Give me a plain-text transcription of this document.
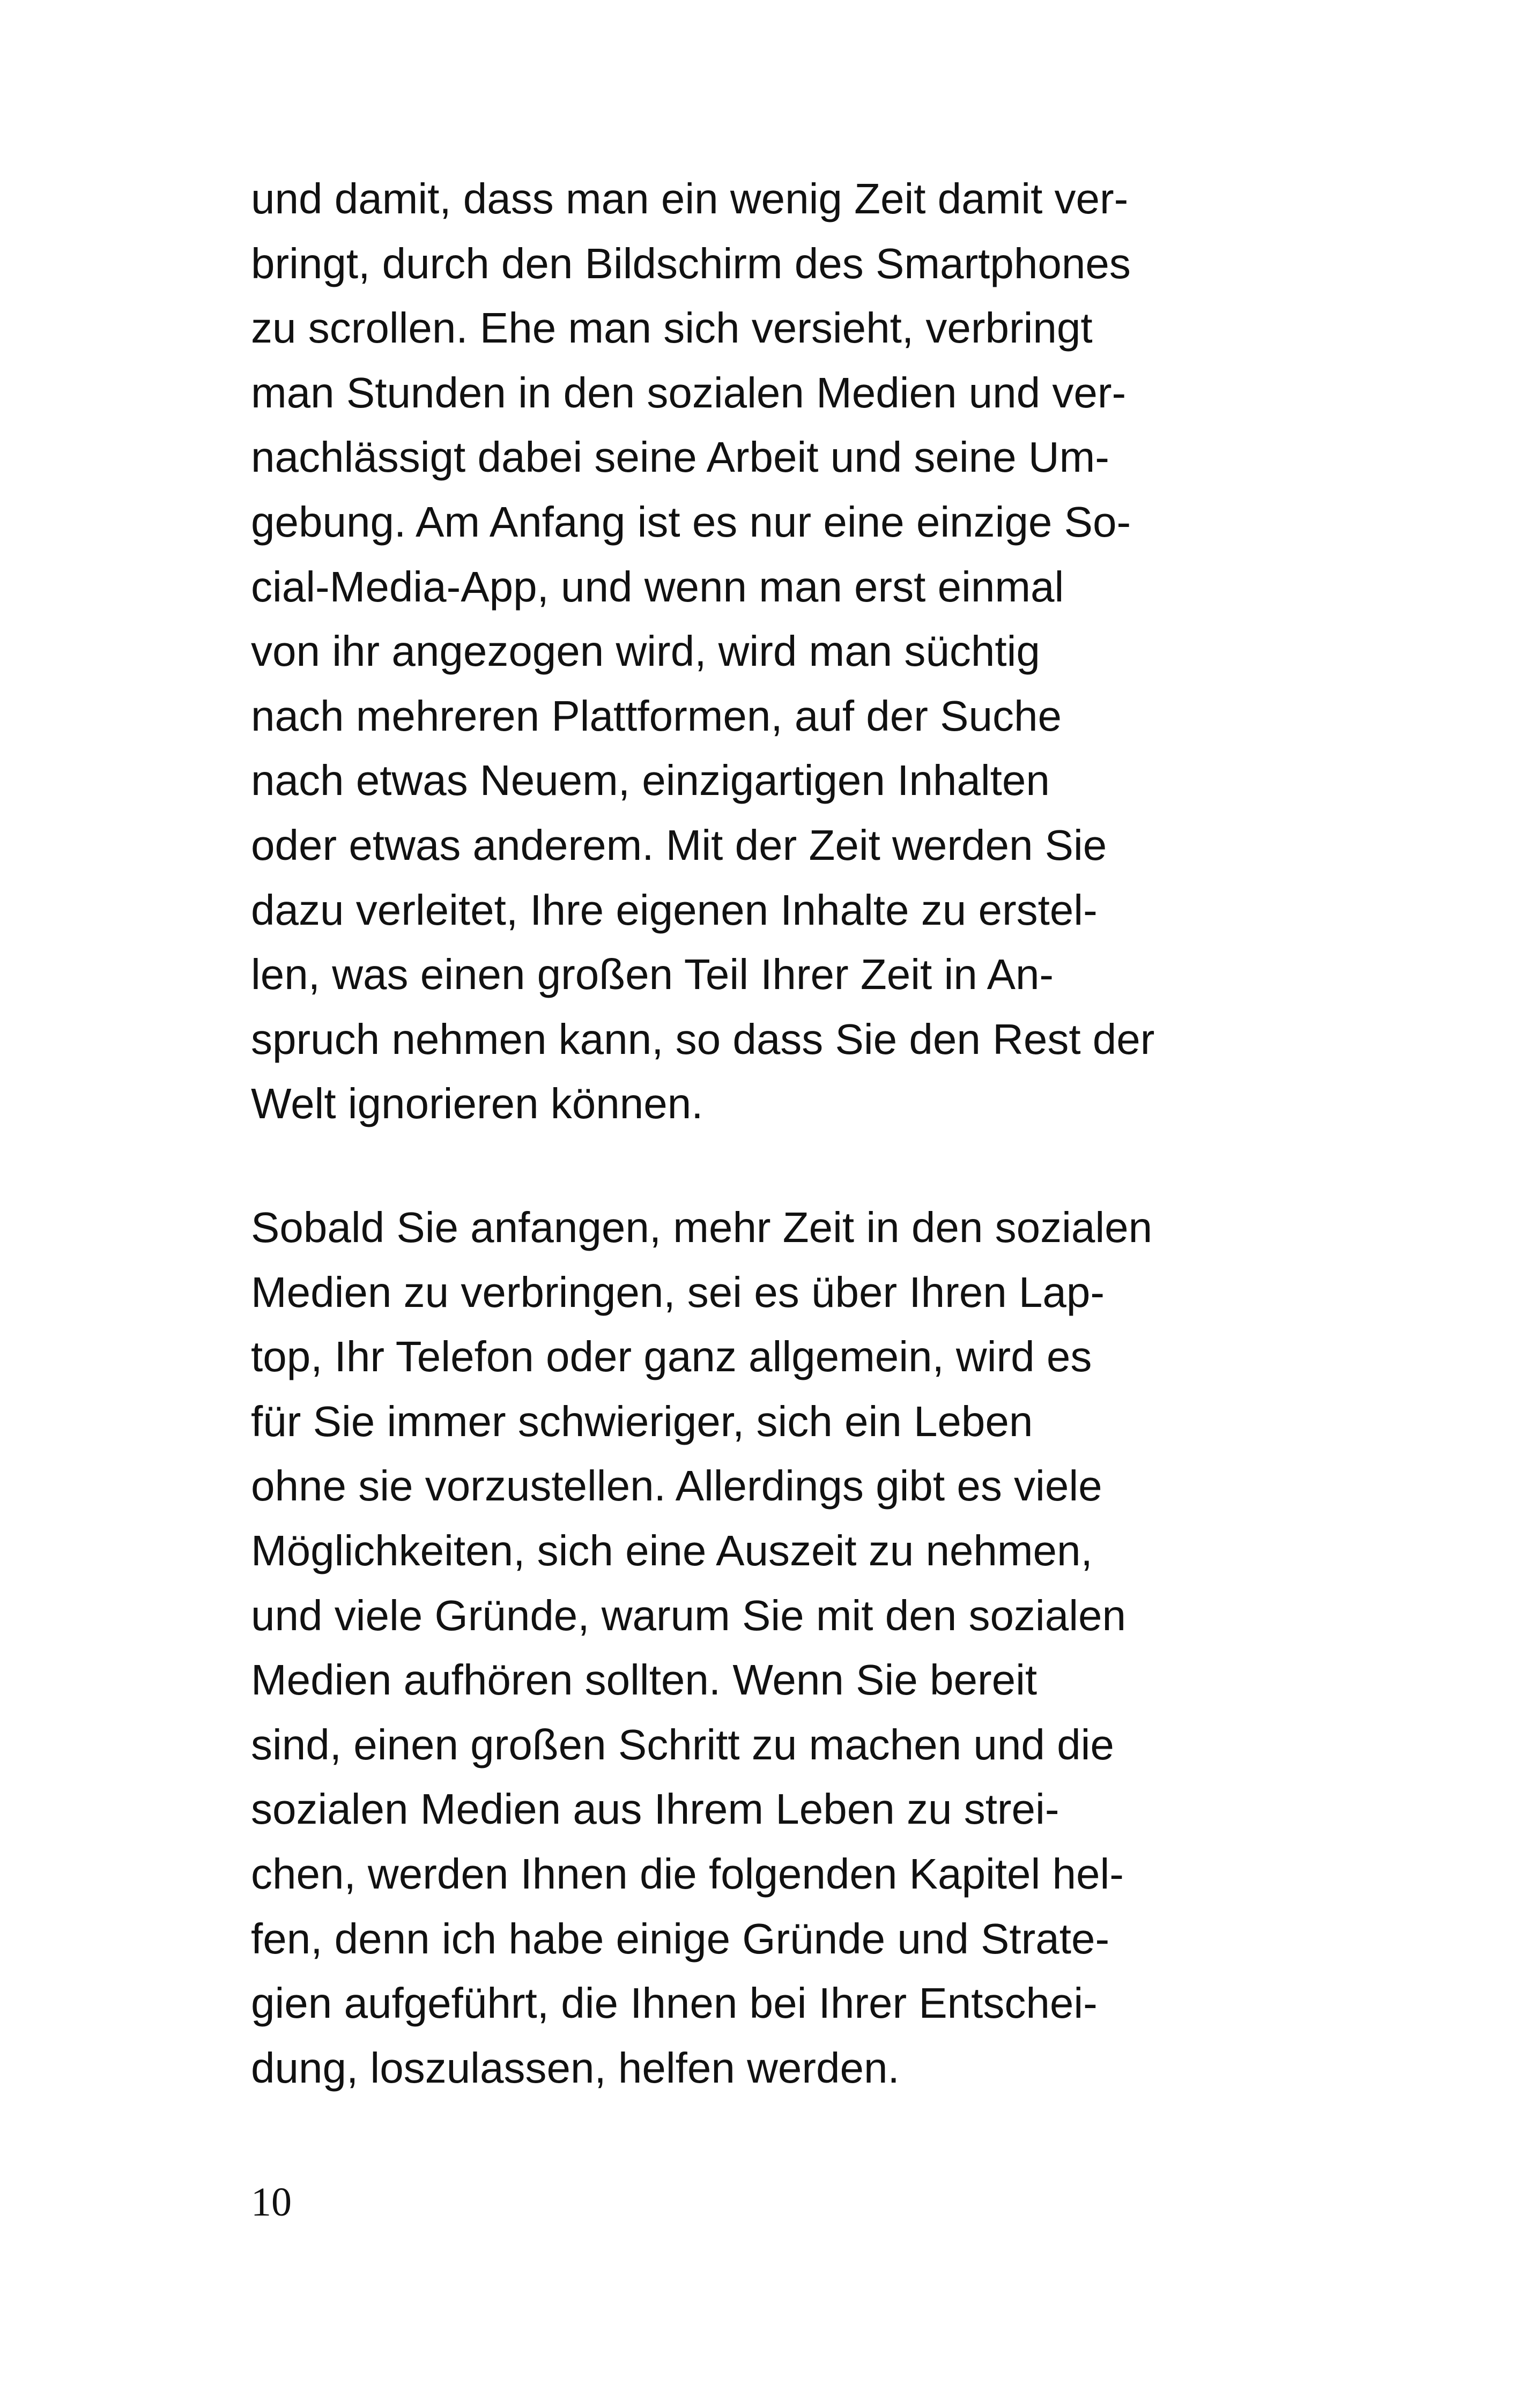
und damit, dass man ein wenig Zeit damit ver-
bringt, durch den Bildschirm des Smartphones
zu scrollen. Ehe man sich versieht, verbringt
man Stunden in den sozialen Medien und ver-
nachlässigt dabei seine Arbeit und seine Um-
gebung. Am Anfang ist es nur eine einzige So-
cial-Media-App, und wenn man erst einmal
von ihr angezogen wird, wird man süchtig
nach mehreren Plattformen, auf der Suche
nach etwas Neuem, einzigartigen Inhalten
oder etwas anderem. Mit der Zeit werden Sie
dazu verleitet, Ihre eigenen Inhalte zu erstel-
len, was einen großen Teil Ihrer Zeit in An-
spruch nehmen kann, so dass Sie den Rest der
Welt ignorieren können.
Sobald Sie anfangen, mehr Zeit in den sozialen
Medien zu verbringen, sei es über Ihren Lap-
top, Ihr Telefon oder ganz allgemein, wird es
für Sie immer schwieriger, sich ein Leben
ohne sie vorzustellen. Allerdings gibt es viele
Möglichkeiten, sich eine Auszeit zu nehmen,
und viele Gründe, warum Sie mit den sozialen
Medien aufhören sollten. Wenn Sie bereit
sind, einen großen Schritt zu machen und die
sozialen Medien aus Ihrem Leben zu strei-
chen, werden Ihnen die folgenden Kapitel hel-
fen, denn ich habe einige Gründe und Strate-
gien aufgeführt, die Ihnen bei Ihrer Entschei-
dung, loszulassen, helfen werden.
10
